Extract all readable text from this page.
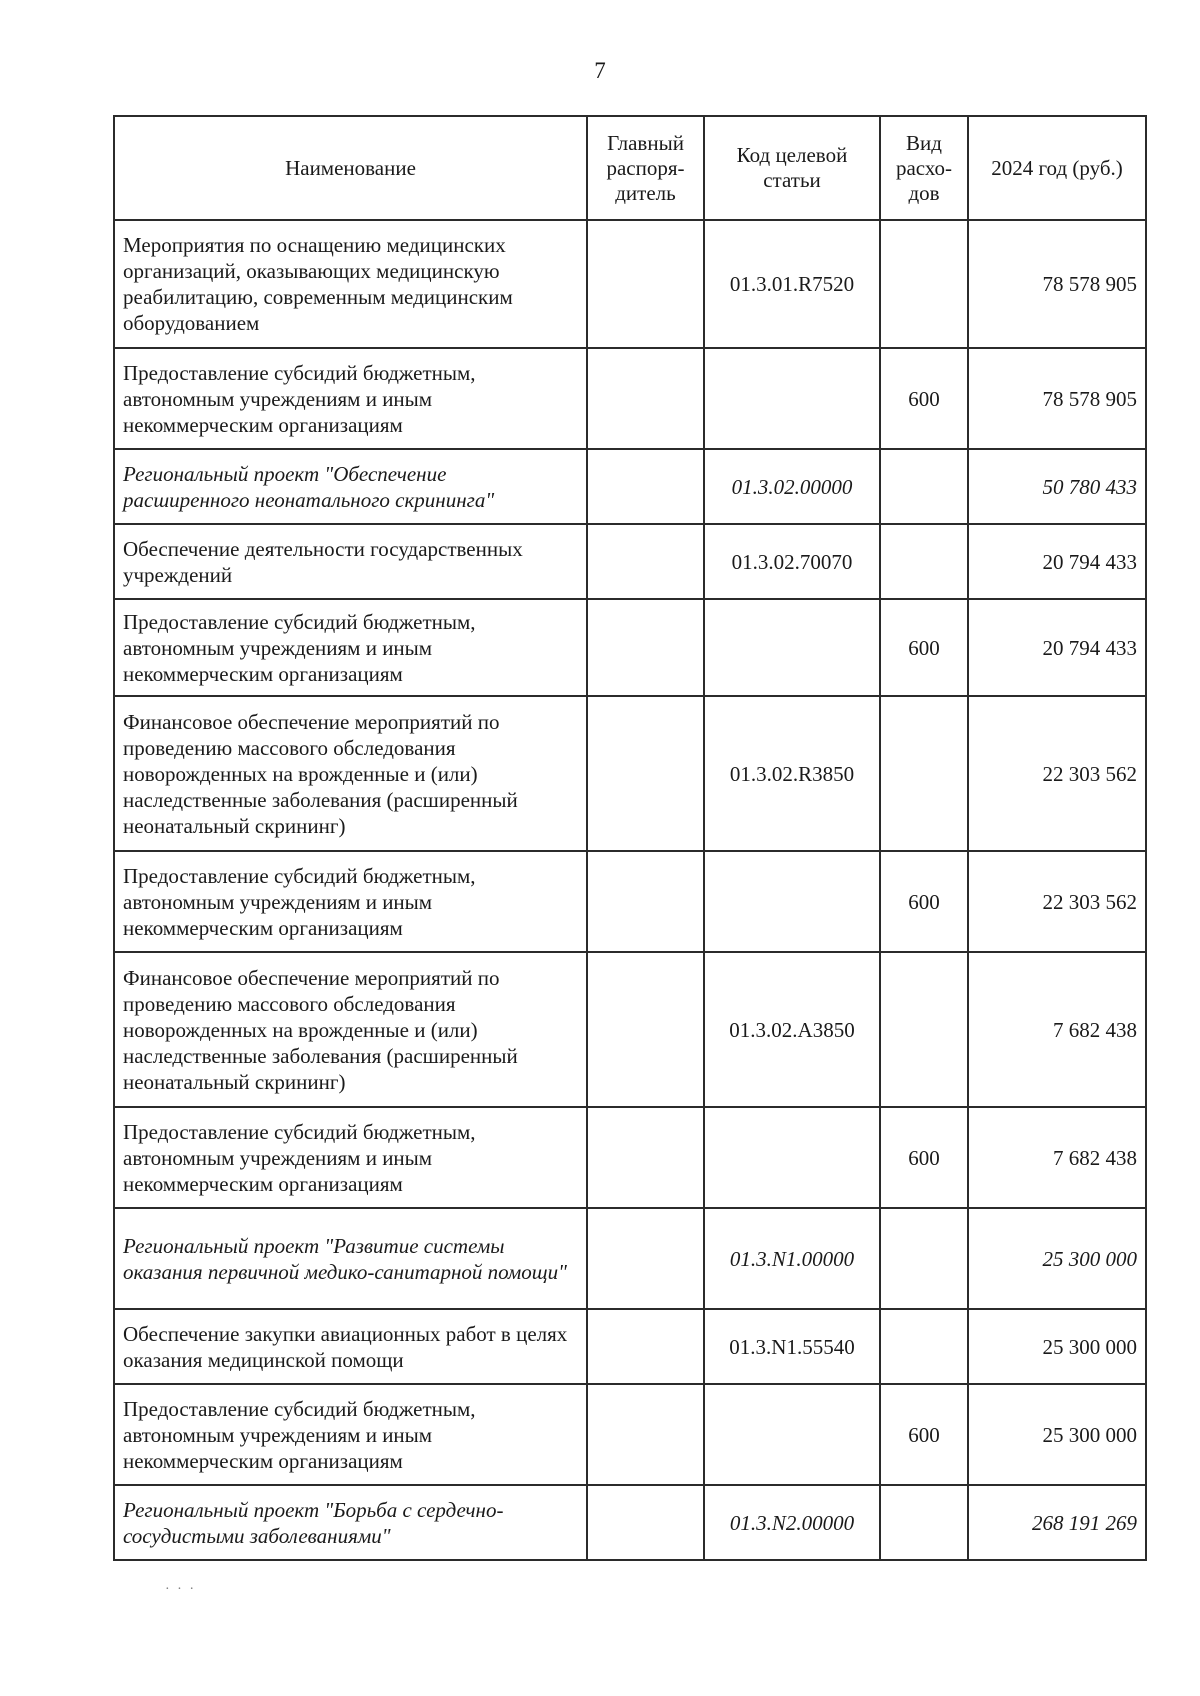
7
Наименование	Главный распоря-дитель	Код целевой статьи	Вид расхо-дов	2024 год (руб.)
Мероприятия по оснащению медицинских организаций, оказывающих медицинскую реабилитацию, современным медицинским оборудованием		01.3.01.R7520		78 578 905
Предоставление субсидий бюджетным, автономным учреждениям и иным некоммерческим организациям			600	78 578 905
Региональный проект "Обеспечение расширенного неонатального скрининга"		01.3.02.00000		50 780 433
Обеспечение деятельности государственных учреждений		01.3.02.70070		20 794 433
Предоставление субсидий бюджетным, автономным учреждениям и иным некоммерческим организациям			600	20 794 433
Финансовое обеспечение мероприятий по проведению массового обследования новорожденных на врожденные и (или) наследственные заболевания (расширенный неонатальный скрининг)		01.3.02.R3850		22 303 562
Предоставление субсидий бюджетным, автономным учреждениям и иным некоммерческим организациям			600	22 303 562
Финансовое обеспечение мероприятий по проведению массового обследования новорожденных на врожденные и (или) наследственные заболевания (расширенный неонатальный скрининг)		01.3.02.А3850		7 682 438
Предоставление субсидий бюджетным, автономным учреждениям и иным некоммерческим организациям			600	7 682 438
Региональный проект "Развитие системы оказания первичной медико-санитарной помощи"		01.3.N1.00000		25 300 000
Обеспечение закупки авиационных работ в целях оказания медицинской помощи		01.3.N1.55540		25 300 000
Предоставление субсидий бюджетным, автономным учреждениям и иным некоммерческим организациям			600	25 300 000
Региональный проект "Борьба с сердечно-сосудистыми заболеваниями"		01.3.N2.00000		268 191 269
· · ·
